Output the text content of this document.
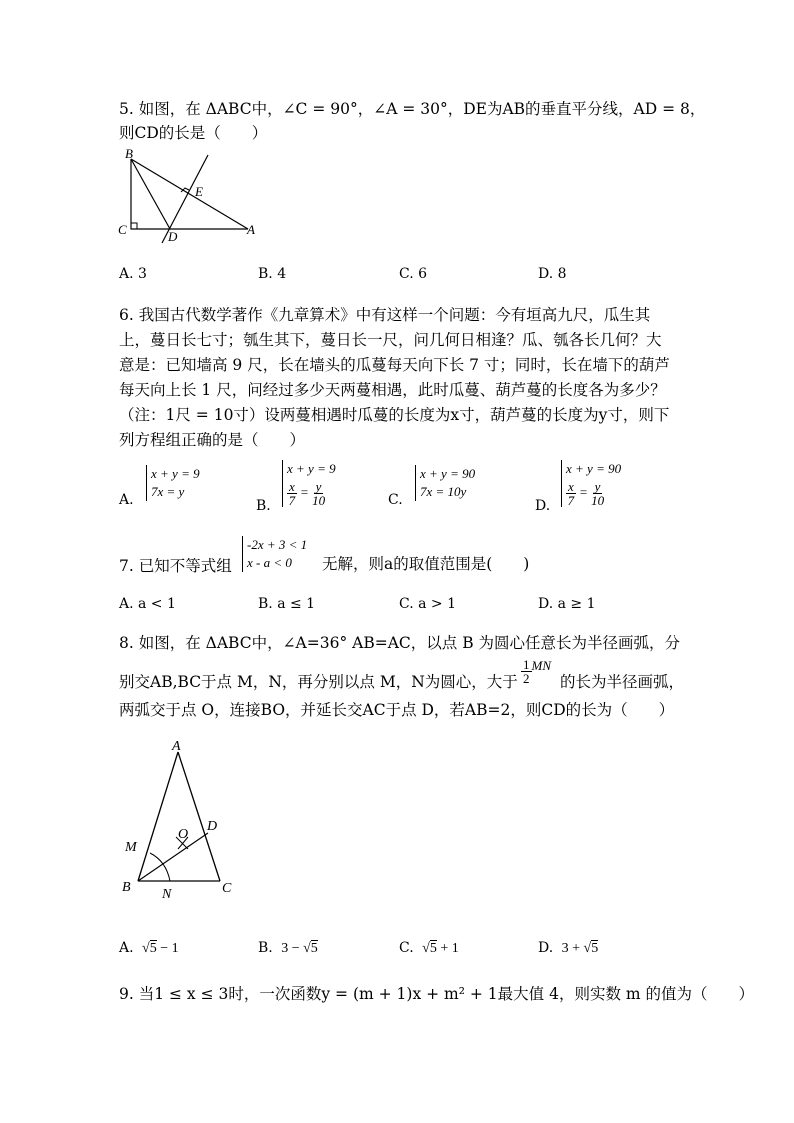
5. 如图，在 ΔABC中，∠C = 90°，∠A = 30°，DE为AB的垂直平分线，AD = 8，
则CD的长是（　　）
B
C	D
E
A
A. 3	B. 4	C. 6	D. 8
6. 我国古代数学著作《九章算术》中有这样一个问题：今有垣高九尺，瓜生其
上，蔓日长七寸；瓠生其下，蔓日长一尺，问几何日相逢？瓜、瓠各长几何？大
意是：已知墙高 9 尺，长在墙头的瓜蔓每天向下长 7 寸；同时，长在墙下的葫芦
每天向上长 1 尺，问经过多少天两蔓相遇，此时瓜蔓、葫芦蔓的长度各为多少？
（注：1尺 = 10寸）设两蔓相遇时瓜蔓的长度为x寸，葫芦蔓的长度为y寸，则下
列方程组正确的是（　　）
A.
x + y = 9
7x = y
B.
x + y = 9
$\frac{x}{7} = \frac{y}{10}$	C.
x + y = 90
7x = 10y
D.
x + y = 90
$\frac{x}{7} = \frac{y}{10}$
7. 已知不等式组
-2x + 3 < 1
x - a < 0	无解，则a的取值范围是(　　)
A. a < 1	B. a ≤ 1	C. a > 1	D. a ≥ 1
8. 如图，在 ΔABC中，∠A=36° AB=AC，以点 B 为圆心任意长为半径画弧，分
别交AB,BC于点 M，N，再分别以点 M，N为圆心，大于 $\frac{1}{2} ^{MN}$
的长为半径画弧，
两弧交于点 O，连接BO，并延长交AC于点 D，若AB=2，则CD的长为（　　）
A
B	C
D
M
N
O
A. √5 − 1	B. 3 − √5	C. √5 + 1	D. 3 + √5
9. 当1 ≤ x ≤ 3时，一次函数y = (m + 1)x + m² + 1最大值 4，则实数 m 的值为（　　）
